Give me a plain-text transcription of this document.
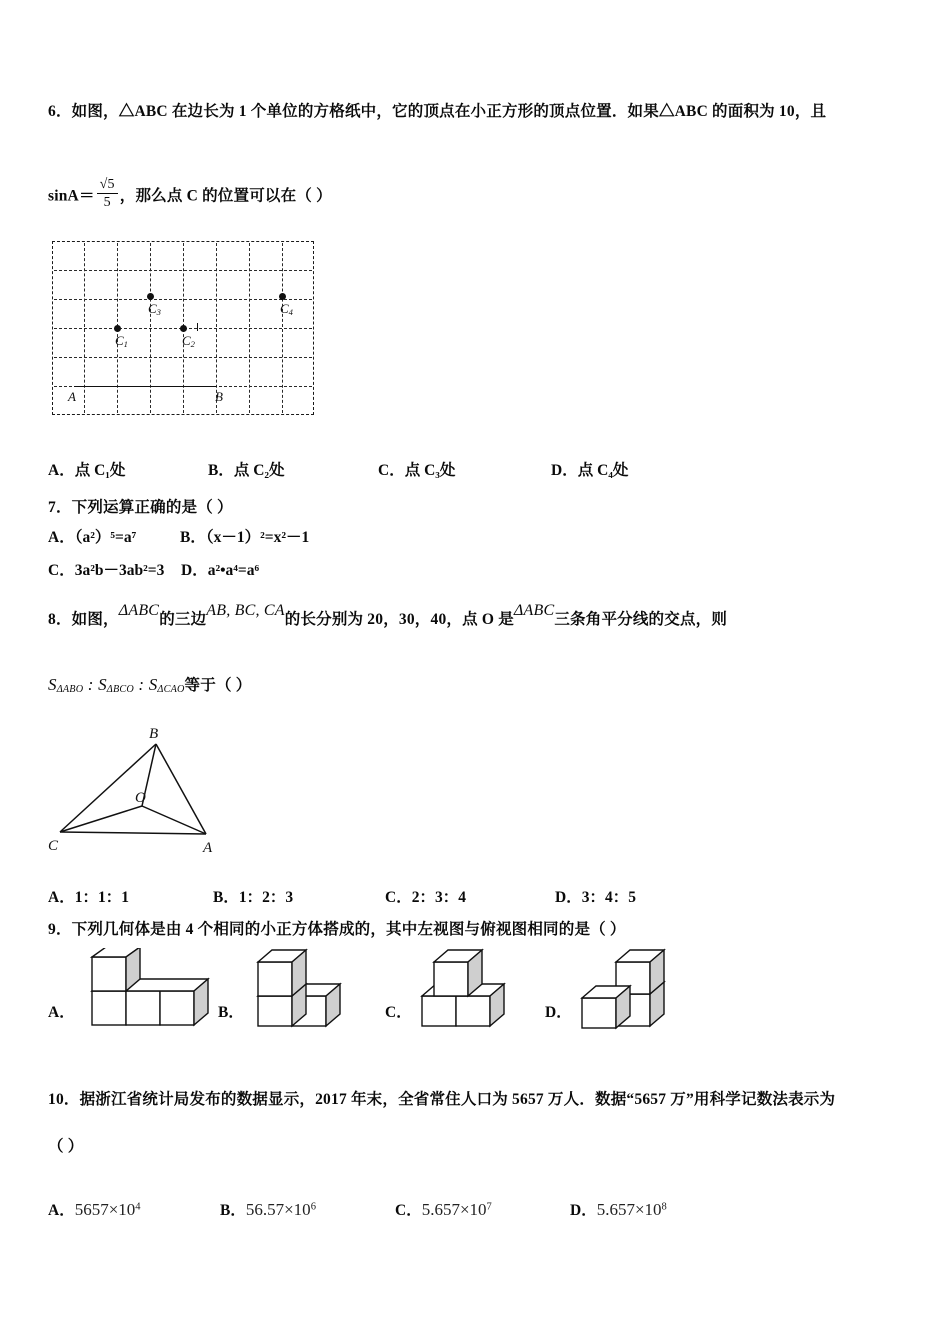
6．如图，△ABC 在边长为 1 个单位的方格纸中，它的顶点在小正方形的顶点位置．如果△ABC 的面积为 10，且
$\sin A= \frac{√5}{5}$ ，那么点 C 的位置可以在（ ）
$C_1$	$C_2$
$C_3$	$C_4$
A	B
A．点 C₁处	B．点 C₂处	C．点 C₃处	D．点 C₄处
7．下列运算正确的是（ ）
A．（a²）⁵=a⁷	B．（x－1）²=x²－1
C．3a²b－3ab²=3 D．a²•a⁴=a⁶
8．如图，ΔABC的三边AB, BC, CA的长分别为 20，30，40，点 O 是ΔABC三条角平分线的交点，则
$S_{\Delta ABO}$ : $S_{\Delta BCO}$ : $S_{\Delta CAO}$等于（ ）
B
O
C	A
A．1：1：1	B．1：2：3	C．2：3：4	D．3：4：5
9．下列几何体是由 4 个相同的小正方体搭成的，其中左视图与俯视图相同的是（ ）
A．	B．	C．	D．
10．据浙江省统计局发布的数据显示，2017 年末，全省常住人口为 5657 万人．数据“5657 万”用科学记数法表示为
（ ）
A．$5657\times 10^4$	B．$56.57\times 10^6$	C．$5.657\times 10^7$	D．$5.657\times 10^8$
